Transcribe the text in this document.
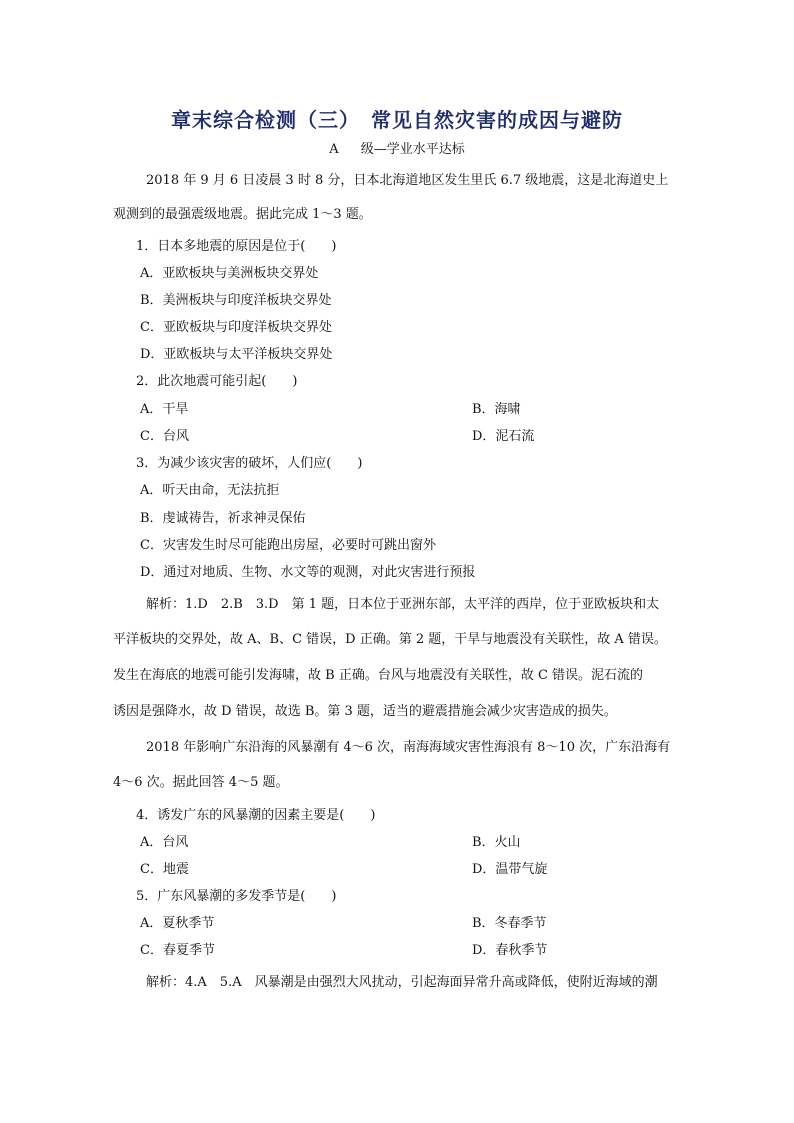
章末综合检测（三）　常见自然灾害的成因与避防
A 级—学业水平达标
2018 年 9 月 6 日凌晨 3 时 8 分，日本北海道地区发生里氏 6.7 级地震，这是北海道史上
观测到的最强震级地震。据此完成 1～3 题。
1．日本多地震的原因是位于(　　)
A．亚欧板块与美洲板块交界处
B．美洲板块与印度洋板块交界处
C．亚欧板块与印度洋板块交界处
D．亚欧板块与太平洋板块交界处
2．此次地震可能引起(　　)
A．干旱	B．海啸
C．台风	D．泥石流
3．为减少该灾害的破坏，人们应(　　)
A．听天由命，无法抗拒
B．虔诚祷告，祈求神灵保佑
C．灾害发生时尽可能跑出房屋，必要时可跳出窗外
D．通过对地质、生物、水文等的观测，对此灾害进行预报
解析：1.D　2.B　3.D　第 1 题，日本位于亚洲东部，太平洋的西岸，位于亚欧板块和太
平洋板块的交界处，故 A、B、C 错误，D 正确。第 2 题，干旱与地震没有关联性，故 A 错误。
发生在海底的地震可能引发海啸，故 B 正确。台风与地震没有关联性，故 C 错误。泥石流的
诱因是强降水，故 D 错误，故选 B。第 3 题，适当的避震措施会减少灾害造成的损失。
2018 年影响广东沿海的风暴潮有 4～6 次，南海海域灾害性海浪有 8～10 次，广东沿海有
4～6 次。据此回答 4～5 题。
4．诱发广东的风暴潮的因素主要是(　　)
A．台风	B．火山
C．地震	D．温带气旋
5．广东风暴潮的多发季节是(　　)
A．夏秋季节	B．冬春季节
C．春夏季节	D．春秋季节
解析：4.A　5.A　风暴潮是由强烈大风扰动，引起海面异常升高或降低，使附近海域的潮
